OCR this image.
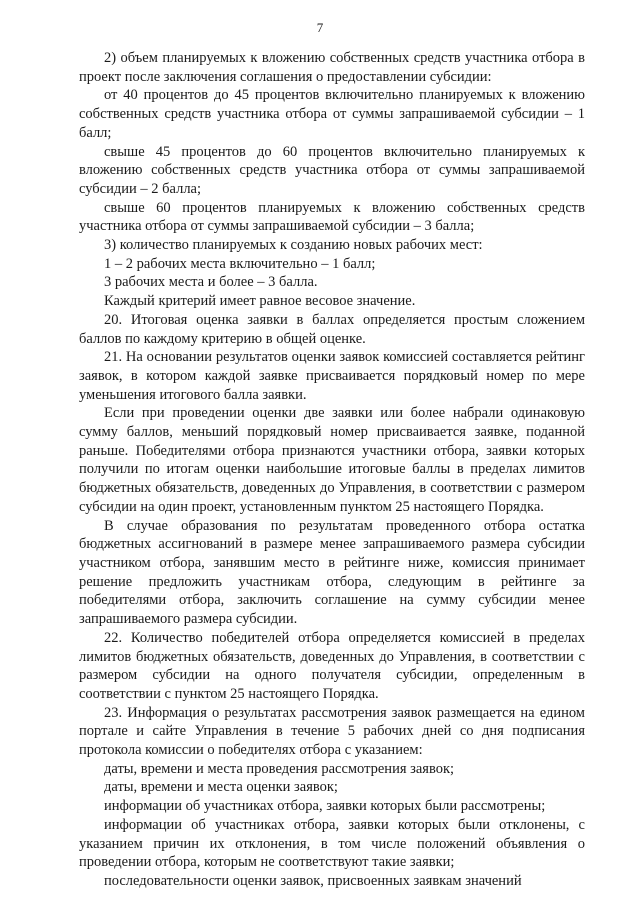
7

2) объем планируемых к вложению собственных средств участника отбора в проект после заключения соглашения о предоставлении субсидии:

от 40 процентов до 45 процентов включительно планируемых к вложению собственных средств участника отбора от суммы запрашиваемой субсидии – 1 балл;

свыше 45 процентов до 60 процентов включительно планируемых к вложению собственных средств участника отбора от суммы запрашиваемой субсидии – 2 балла;

свыше 60 процентов планируемых к вложению собственных средств участника отбора от суммы запрашиваемой субсидии – 3 балла;

3) количество планируемых к созданию новых рабочих мест:

1 – 2 рабочих места включительно – 1 балл;

3 рабочих места и более – 3 балла.

Каждый критерий имеет равное весовое значение.

20. Итоговая оценка заявки в баллах определяется простым сложением баллов по каждому критерию в общей оценке.

21. На основании результатов оценки заявок комиссией составляется рейтинг заявок, в котором каждой заявке присваивается порядковый номер по мере уменьшения итогового балла заявки.

Если при проведении оценки две заявки или более набрали одинаковую сумму баллов, меньший порядковый номер присваивается заявке, поданной раньше. Победителями отбора признаются участники отбора, заявки которых получили по итогам оценки наибольшие итоговые баллы в пределах лимитов бюджетных обязательств, доведенных до Управления, в соответствии с размером субсидии на один проект, установленным пунктом 25 настоящего Порядка.

В случае образования по результатам проведенного отбора остатка бюджетных ассигнований в размере менее запрашиваемого размера субсидии участником отбора, занявшим место в рейтинге ниже, комиссия принимает решение предложить участникам отбора, следующим в рейтинге за победителями отбора, заключить соглашение на сумму субсидии менее запрашиваемого размера субсидии.

22. Количество победителей отбора определяется комиссией в пределах лимитов бюджетных обязательств, доведенных до Управления, в соответствии с размером субсидии на одного получателя субсидии, определенным в соответствии с пунктом 25 настоящего Порядка.

23. Информация о результатах рассмотрения заявок размещается на едином портале и сайте Управления в течение 5 рабочих дней со дня подписания протокола комиссии о победителях отбора с указанием:

даты, времени и места проведения рассмотрения заявок;

даты, времени и места оценки заявок;

информации об участниках отбора, заявки которых были рассмотрены;

информации об участниках отбора, заявки которых были отклонены, с указанием причин их отклонения, в том числе положений объявления о проведении отбора, которым не соответствуют такие заявки;

последовательности оценки заявок, присвоенных заявкам значений
